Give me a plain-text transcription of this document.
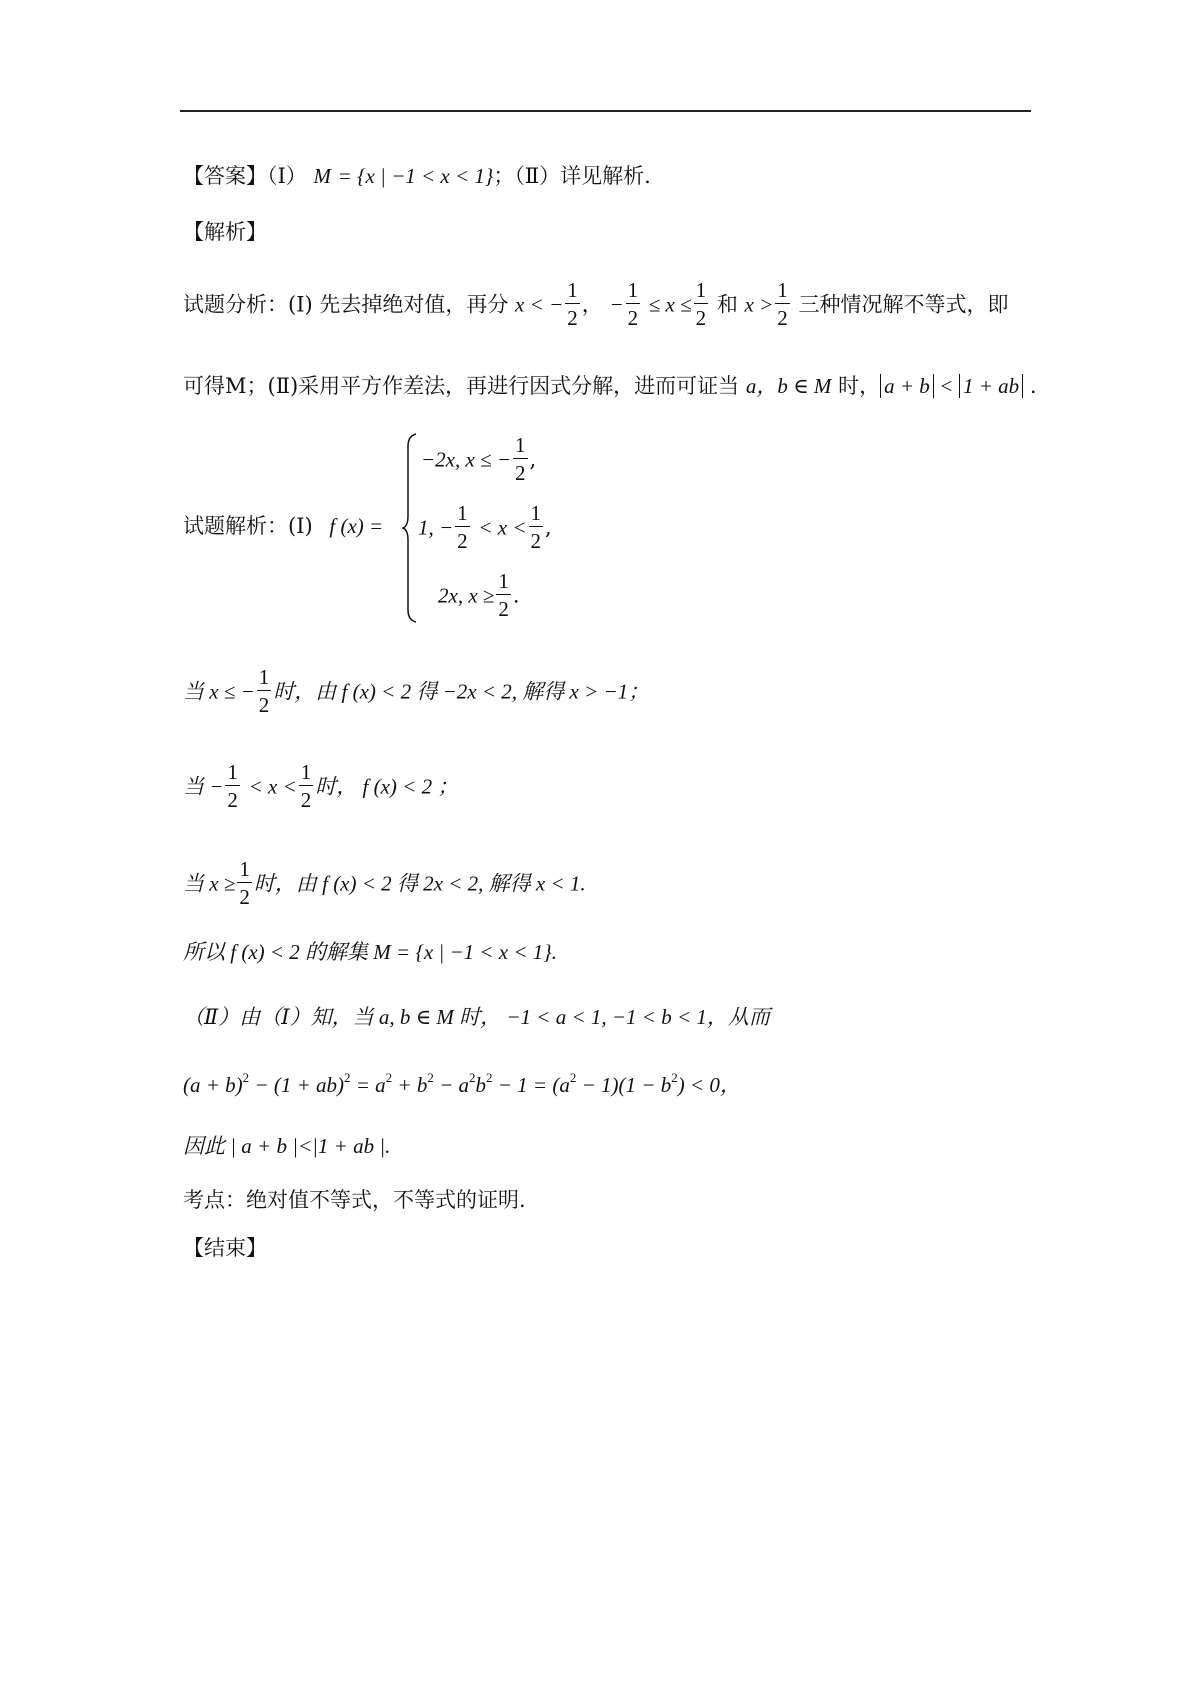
【答案】（Ⅰ） M = {x | −1 < x < 1}；（Ⅱ）详见解析.
【解析】
试题分析：(Ⅰ) 先去掉绝对值，再分 x < − $\frac{1}{2}$ ， − $\frac{1}{2} \le x \le \frac{1}{2}$ 和 $x > \frac{1}{2}$ 三种情况解不等式，即
可得M；(Ⅱ)采用平方作差法，再进行因式分解，进而可证当 a，b ∈ M 时， a + b < 1 + ab .
试题解析：(Ⅰ) f (x) =
−2x, x ≤ − $\frac{1}{2}$ ,
1, − $\frac{1}{2} < x < \frac{1}{2}$ ,
2x, $x \ge \frac{1}{2}$ .
当 x ≤ − $\frac{1}{2}$ 时，由 f (x) < 2 得 −2x < 2, 解得 x > −1；
当 − $\frac{1}{2} < x < \frac{1}{2}$ 时， f (x) < 2 ；
当 $x \ge \frac{1}{2}$ 时，由 f (x) < 2 得 2x < 2, 解得 x < 1.
所以 f (x) < 2 的解集 M = {x | −1 < x < 1}.
（Ⅱ）由（Ⅰ）知，当 a, b ∈ M 时， −1 < a < 1, −1 < b < 1，从而
$(a + b)^2 - (1 + ab)^2 = a^2 + b^2 - a^2b^2 - 1 = (a^2 - 1)(1 - b^2) < 0$，
因此 | a + b |<|1 + ab |.
考点：绝对值不等式，不等式的证明.
【结束】
